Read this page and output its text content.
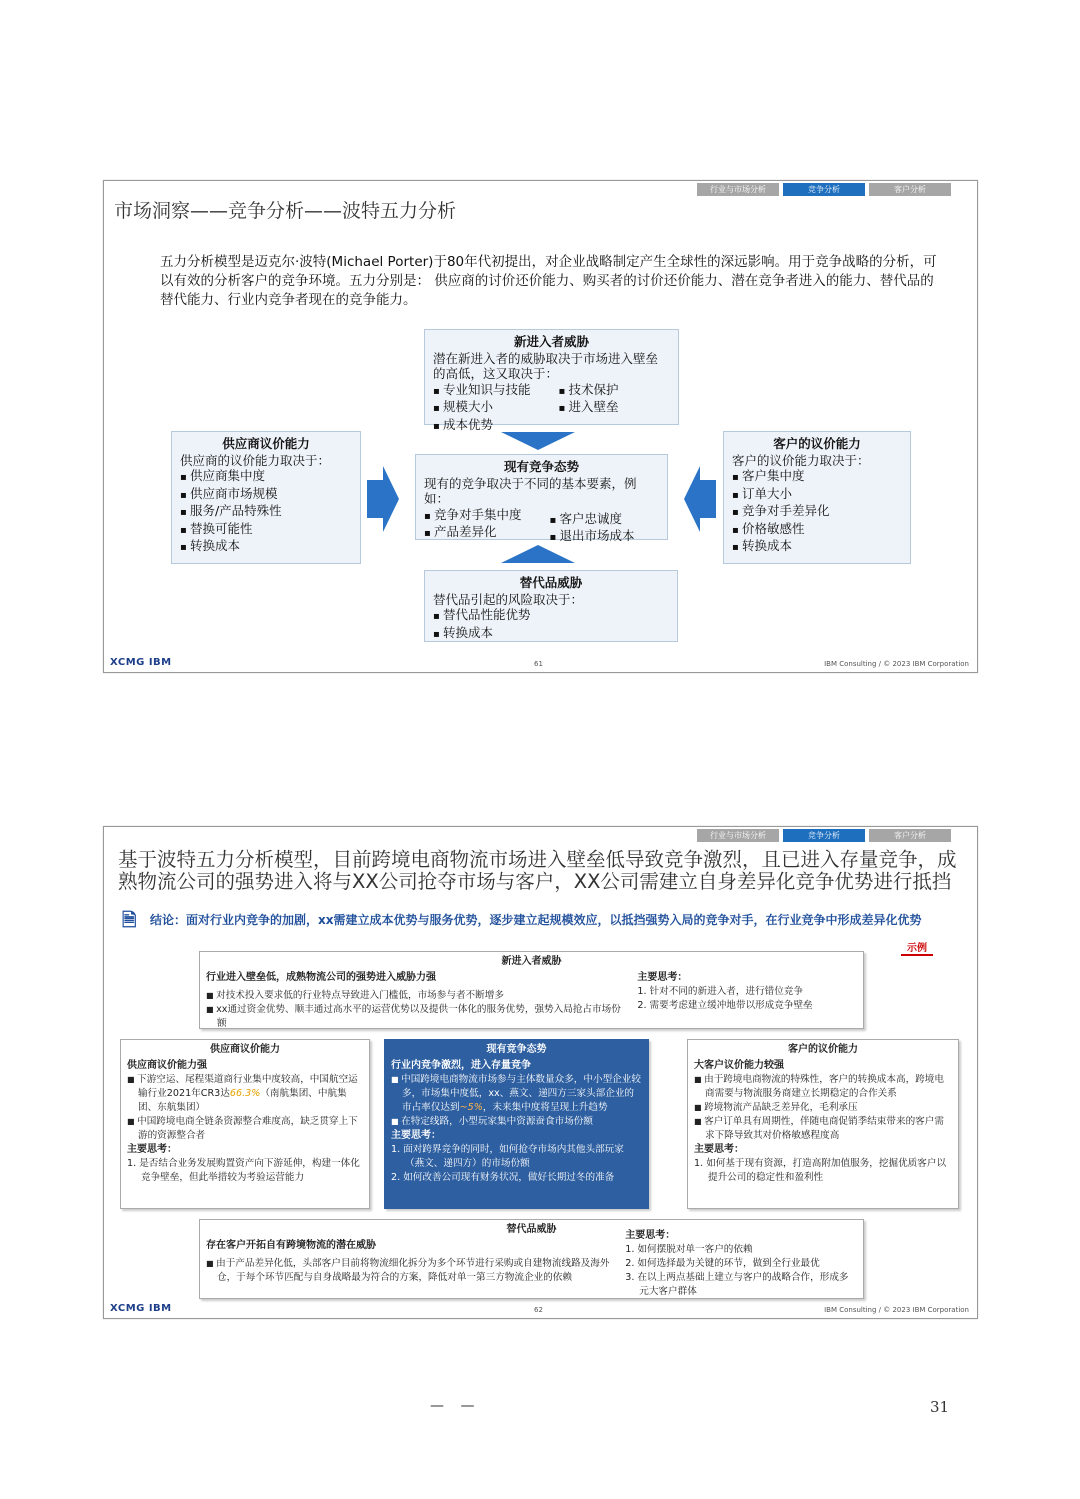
行业与市场分析	竞争分析	客户分析
市场洞察——竞争分析——波特五力分析
五力分析模型是迈克尔·波特(Michael Porter)于80年代初提出，对企业战略制定产生全球性的深远影响。用于竞争战略的分析，可以有效的分析客户的竞争环境。五力分别是： 供应商的讨价还价能力、购买者的讨价还价能力、潜在竞争者进入的能力、替代品的替代能力、行业内竞争者现在的竞争能力。
新进入者威胁
潜在新进入者的威胁取决于市场进入壁垒的高低，这又取决于：
▪ 专业知识与技能
▪ 规模大小
▪ 成本优势
▪ 技术保护
▪ 进入壁垒
供应商议价能力
供应商的议价能力取决于：
▪ 供应商集中度
▪ 供应商市场规模
▪ 服务/产品特殊性
▪ 替换可能性
▪ 转换成本
现有竞争态势
现有的竞争取决于不同的基本要素，例如：
▪ 竞争对手集中度
▪ 产品差异化
▪ 客户忠诚度
▪ 退出市场成本
客户的议价能力
客户的议价能力取决于：
▪ 客户集中度
▪ 订单大小
▪ 竞争对手差异化
▪ 价格敏感性
▪ 转换成本
替代品威胁
替代品引起的风险取决于：
▪ 替代品性能优势
▪ 转换成本
XCMG IBM	61	IBM Consulting / © 2023 IBM Corporation
行业与市场分析	竞争分析	客户分析
基于波特五力分析模型，目前跨境电商物流市场进入壁垒低导致竞争激烈，且已进入存量竞争，成熟物流公司的强势进入将与XX公司抢夺市场与客户，XX公司需建立自身差异化竞争优势进行抵挡
🗎 结论：面对行业内竞争的加剧，xx需建立成本优势与服务优势，逐步建立起规模效应，以抵挡强势入局的竞争对手，在行业竞争中形成差异化优势
示例
新进入者威胁
行业进入壁垒低，成熟物流公司的强势进入威胁力强
■ 对技术投入要求低的行业特点导致进入门槛低，市场参与者不断增多
■ xx通过资金优势、顺丰通过高水平的运营优势以及提供一体化的服务优势，强势入局抢占市场份额
主要思考：
1. 针对不同的新进入者，进行错位竞争
2. 需要考虑建立缓冲地带以形成竞争壁垒
供应商议价能力
供应商议价能力强
■ 下游空运、尾程渠道商行业集中度较高，中国航空运输行业2021年CR3达66.3%（南航集团、中航集团、东航集团）
■ 中国跨境电商全链条资源整合难度高，缺乏贯穿上下游的资源整合者
主要思考：
1. 是否结合业务发展购置资产向下游延伸，构建一体化竞争壁垒，但此举措较为考验运营能力
现有竞争态势
行业内竞争激烈，进入存量竞争
■ 中国跨境电商物流市场参与主体数量众多，中小型企业较多，市场集中度低，xx、燕文、递四方三家头部企业的市占率仅达到~5%，未来集中度将呈现上升趋势
■ 在特定线路，小型玩家集中资源蚕食市场份额
主要思考：
1. 面对跨界竞争的同时，如何抢夺市场内其他头部玩家（燕文、递四方）的市场份额
2. 如何改善公司现有财务状况，做好长期过冬的准备
客户的议价能力
大客户议价能力较强
■ 由于跨境电商物流的特殊性，客户的转换成本高，跨境电商需要与物流服务商建立长期稳定的合作关系
■ 跨境物流产品缺乏差异化，毛利承压
■ 客户订单具有周期性，伴随电商促销季结束带来的客户需求下降导致其对价格敏感程度高
主要思考：
1. 如何基于现有资源，打造高附加值服务，挖掘优质客户以提升公司的稳定性和盈利性
替代品威胁
存在客户开拓自有跨境物流的潜在威胁
■ 由于产品差异化低，头部客户目前将物流细化拆分为多个环节进行采购或自建物流线路及海外仓，于每个环节匹配与自身战略最为符合的方案，降低对单一第三方物流企业的依赖
主要思考：
1. 如何摆脱对单一客户的依赖
2. 如何选择最为关键的环节，做到全行业最优
3. 在以上两点基础上建立与客户的战略合作，形成多元大客户群体
XCMG IBM	62	IBM Consulting / © 2023 IBM Corporation
— —	31
